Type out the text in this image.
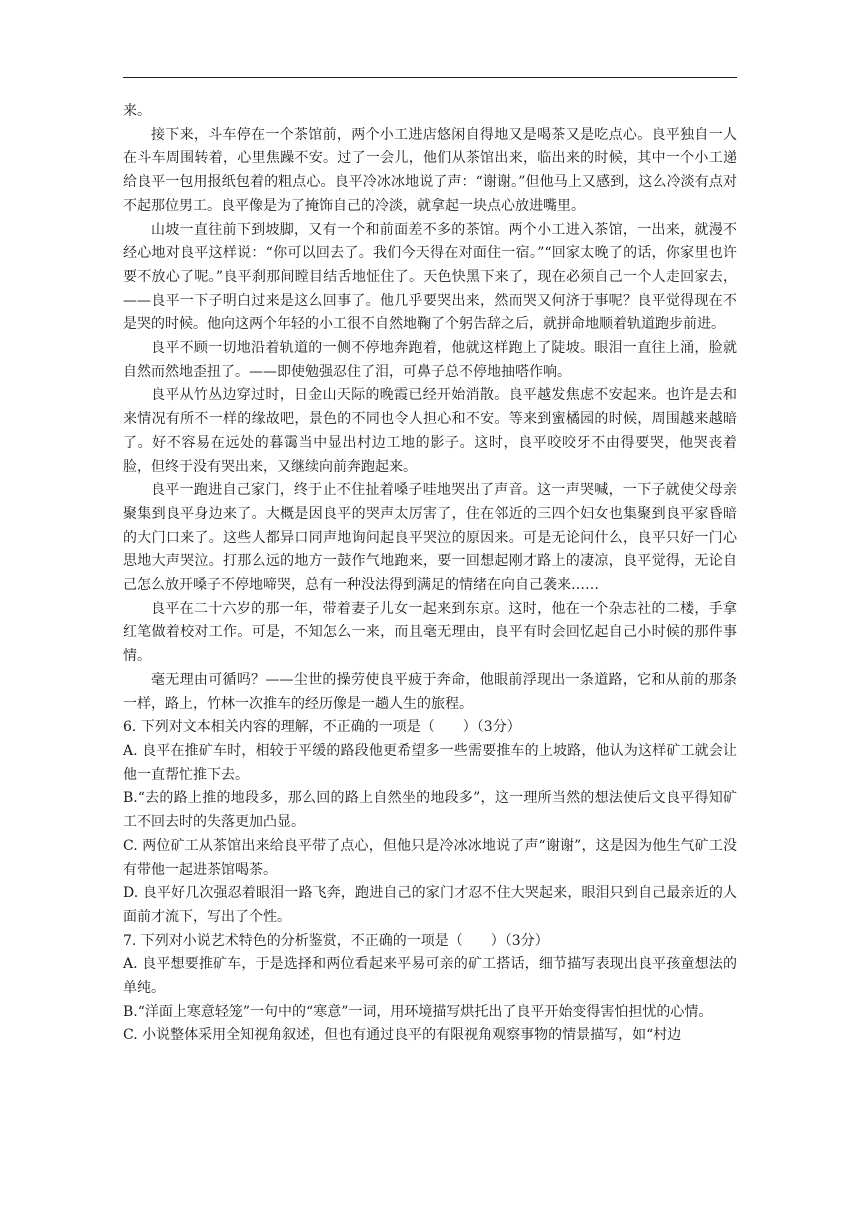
来。

接下来，斗车停在一个茶馆前，两个小工进店悠闲自得地又是喝茶又是吃点心。良平独自一人在斗车周围转着，心里焦躁不安。过了一会儿，他们从茶馆出来，临出来的时候，其中一个小工递给良平一包用报纸包着的粗点心。良平冷冰冰地说了声：“谢谢。”但他马上又感到，这么冷淡有点对不起那位男工。良平像是为了掩饰自己的冷淡，就拿起一块点心放进嘴里。

山坡一直往前下到坡脚，又有一个和前面差不多的茶馆。两个小工进入茶馆，一出来，就漫不经心地对良平这样说：“你可以回去了。我们今天得在对面住一宿。”“回家太晚了的话，你家里也许要不放心了呢。”良平刹那间瞠目结舌地怔住了。天色快黑下来了，现在必须自己一个人走回家去，——良平一下子明白过来是这么回事了。他几乎要哭出来，然而哭又何济于事呢？良平觉得现在不是哭的时候。他向这两个年轻的小工很不自然地鞠了个躬告辞之后，就拼命地顺着轨道跑步前进。

良平不顾一切地沿着轨道的一侧不停地奔跑着，他就这样跑上了陡坡。眼泪一直往上涌，脸就自然而然地歪扭了。——即使勉强忍住了泪，可鼻子总不停地抽嗒作响。

良平从竹丛边穿过时，日金山天际的晚霞已经开始消散。良平越发焦虑不安起来。也许是去和来情况有所不一样的缘故吧，景色的不同也令人担心和不安。等来到蜜橘园的时候，周围越来越暗了。好不容易在远处的暮霭当中显出村边工地的影子。这时，良平咬咬牙不由得要哭，他哭丧着脸，但终于没有哭出来，又继续向前奔跑起来。

良平一跑进自己家门，终于止不住扯着嗓子哇地哭出了声音。这一声哭喊，一下子就使父母亲聚集到良平身边来了。大概是因良平的哭声太厉害了，住在邻近的三四个妇女也集聚到良平家昏暗的大门口来了。这些人都异口同声地询问起良平哭泣的原因来。可是无论问什么，良平只好一门心思地大声哭泣。打那么远的地方一鼓作气地跑来，要一回想起刚才路上的凄凉，良平觉得，无论自己怎么放开嗓子不停地啼哭，总有一种没法得到满足的情绪在向自己袭来……

良平在二十六岁的那一年，带着妻子儿女一起来到东京。这时，他在一个杂志社的二楼，手拿红笔做着校对工作。可是，不知怎么一来，而且毫无理由，良平有时会回忆起自己小时候的那件事情。

毫无理由可循吗？——尘世的操劳使良平疲于奔命，他眼前浮现出一条道路，它和从前的那条一样，路上，竹林一次推车的经历像是一趟人生的旅程。

6. 下列对文本相关内容的理解，不正确的一项是（　　）（3分）

A. 良平在推矿车时，相较于平缓的路段他更希望多一些需要推车的上坡路，他认为这样矿工就会让他一直帮忙推下去。

B.“去的路上推的地段多，那么回的路上自然坐的地段多”，这一理所当然的想法使后文良平得知矿工不回去时的失落更加凸显。

C. 两位矿工从茶馆出来给良平带了点心，但他只是冷冰冰地说了声“谢谢”，这是因为他生气矿工没有带他一起进茶馆喝茶。

D. 良平好几次强忍着眼泪一路飞奔，跑进自己的家门才忍不住大哭起来，眼泪只到自己最亲近的人面前才流下，写出了个性。

7. 下列对小说艺术特色的分析鉴赏，不正确的一项是（　　）（3分）

A. 良平想要推矿车，于是选择和两位看起来平易可亲的矿工搭话，细节描写表现出良平孩童想法的单纯。

B.“洋面上寒意轻笼”一句中的“寒意”一词，用环境描写烘托出了良平开始变得害怕担忧的心情。

C. 小说整体采用全知视角叙述，但也有通过良平的有限视角观察事物的情景描写，如“村边
